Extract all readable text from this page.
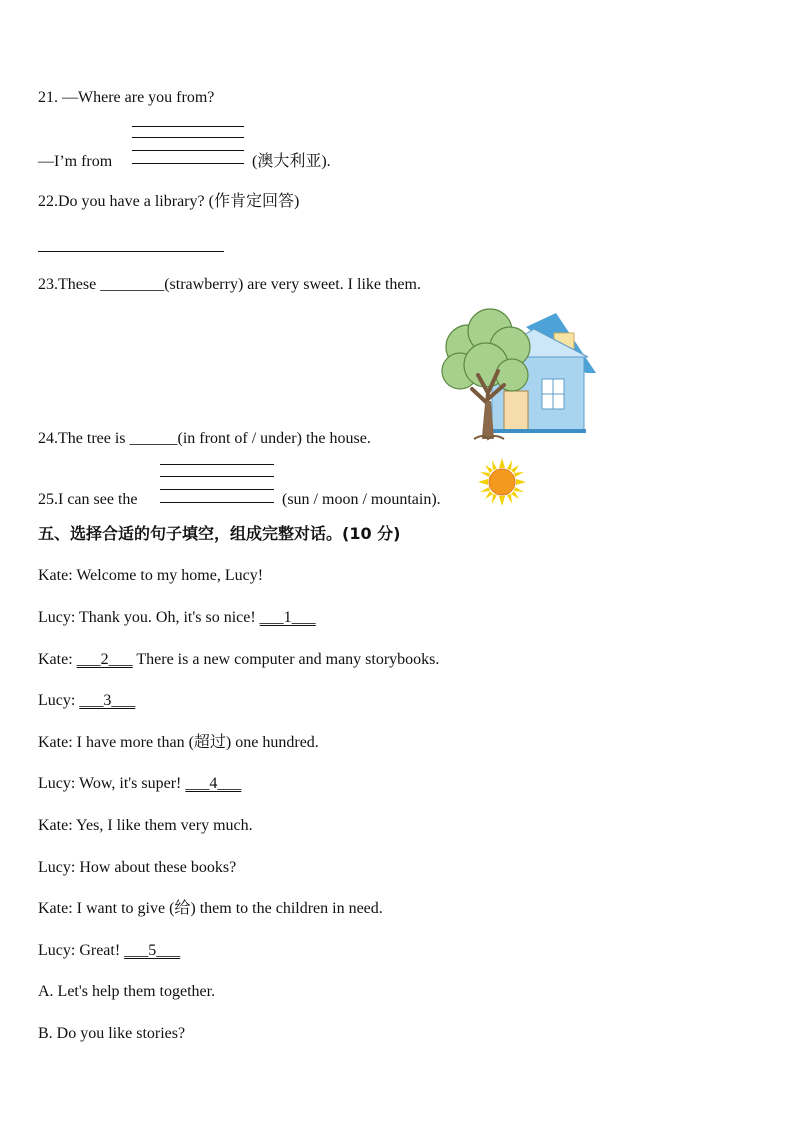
21. —Where are you from?
—I’m from	(澳大利亚).
22.Do you have a library? (作肯定回答)
23.These ________(strawberry) are very sweet. I like them.
24.The tree is ______(in front of / under) the house.
25.I can see the	(sun / moon / mountain).
五、选择合适的句子填空，组成完整对话。(10 分)
Kate: Welcome to my home, Lucy!
Lucy: Thank you. Oh, it's so nice! ___1___
Kate: ___2___ There is a new computer and many storybooks.
Lucy: ___3___
Kate: I have more than (超过) one hundred.
Lucy: Wow, it's super! ___4___
Kate: Yes, I like them very much.
Lucy: How about these books?
Kate: I want to give (给) them to the children in need.
Lucy: Great! ___5___
A. Let's help them together.
B. Do you like stories?
